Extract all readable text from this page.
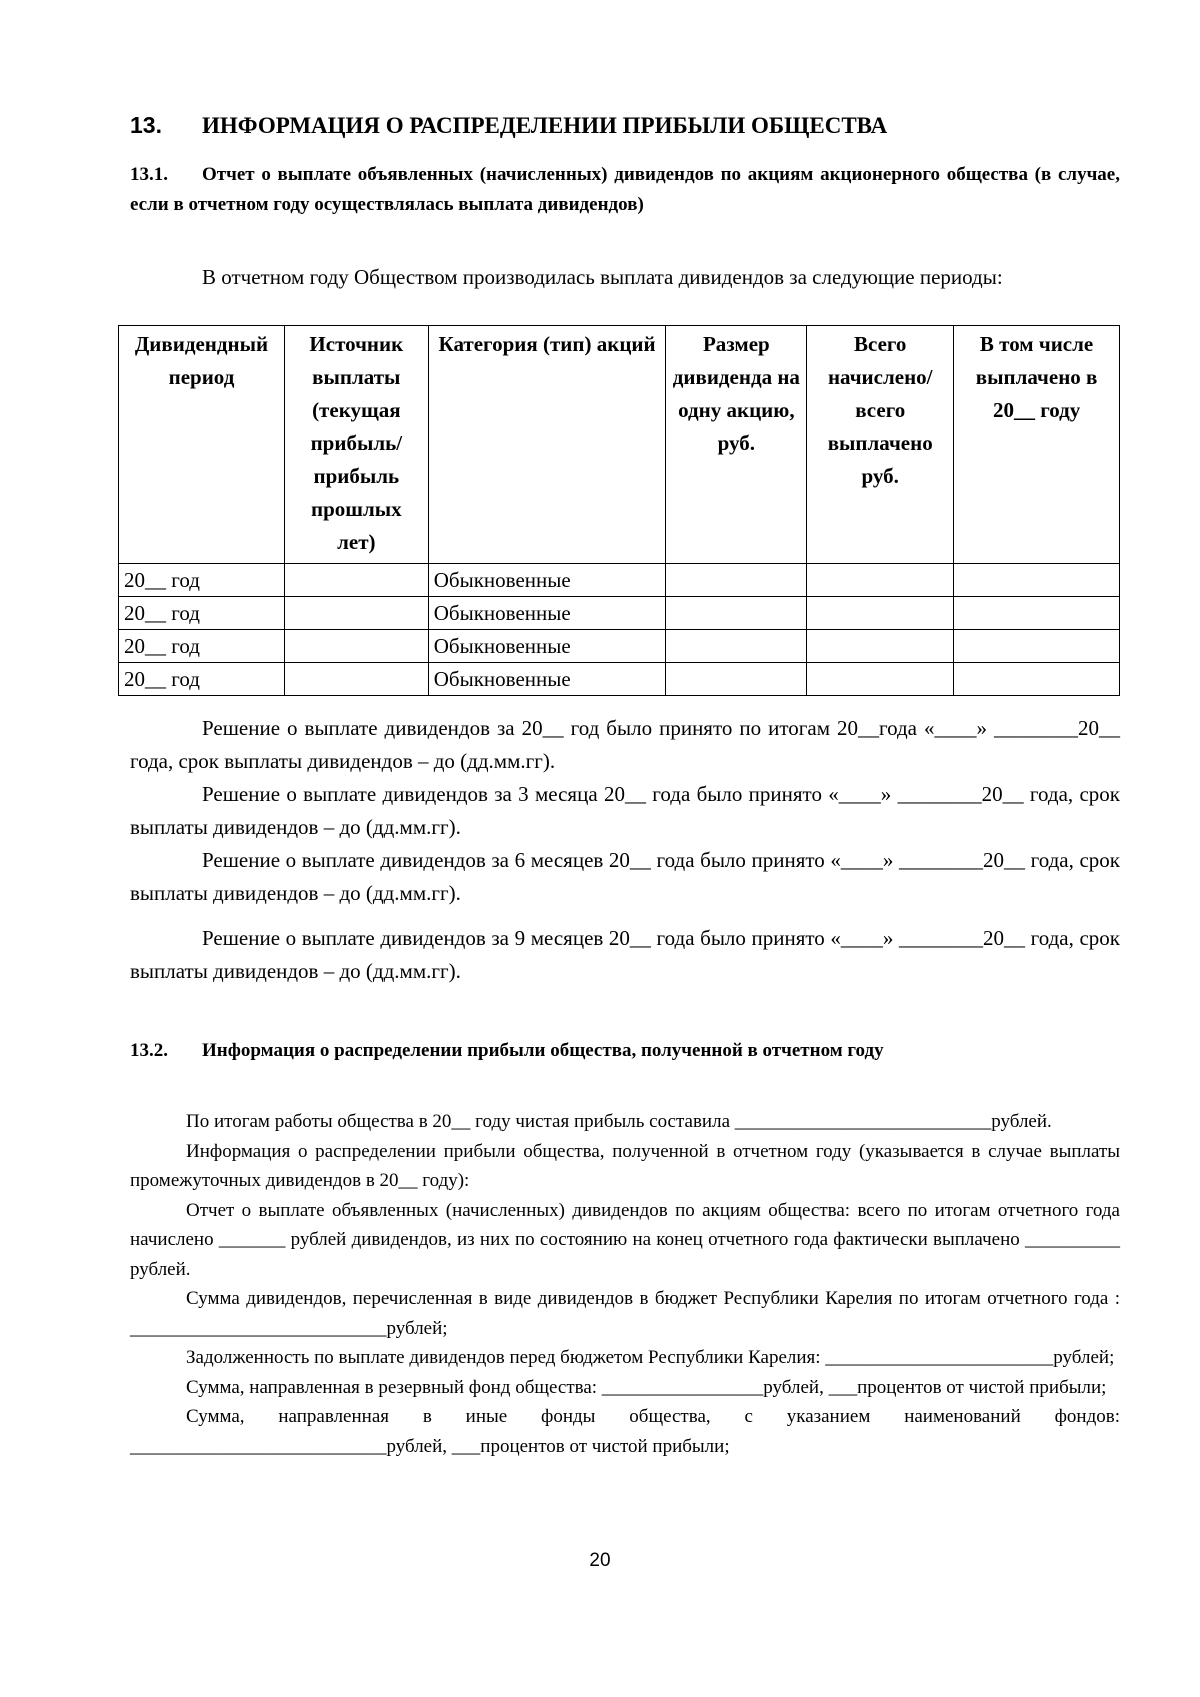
13. ИНФОРМАЦИЯ О РАСПРЕДЕЛЕНИИ ПРИБЫЛИ ОБЩЕСТВА
13.1. Отчет о выплате объявленных (начисленных) дивидендов по акциям акционерного общества (в случае, если в отчетном году осуществлялась выплата дивидендов)
В отчетном году Обществом производилась выплата дивидендов за следующие периоды:
Дивидендный период	Источник выплаты (текущая прибыль/ прибыль прошлых лет)	Категория (тип) акций	Размер дивиденда на одну акцию, руб.	Всего начислено/ всего выплачено руб.	В том числе выплачено в 20__ году
20__ год		Обыкновенные			
20__ год		Обыкновенные			
20__ год		Обыкновенные			
20__ год		Обыкновенные			

Решение о выплате дивидендов за 20__ год было принято по итогам 20__года «____» ________20__ года, срок выплаты дивидендов – до (дд.мм.гг).

Решение о выплате дивидендов за 3 месяца 20__ года было принято «____» ________20__ года, срок выплаты дивидендов – до (дд.мм.гг).

Решение о выплате дивидендов за 6 месяцев 20__ года было принято «____» ________20__ года, срок выплаты дивидендов – до (дд.мм.гг).

Решение о выплате дивидендов за 9 месяцев 20__ года было принято «____» ________20__ года, срок выплаты дивидендов – до (дд.мм.гг).

13.2. Информация о распределении прибыли общества, полученной в отчетном году

По итогам работы общества в 20__ году чистая прибыль составила ___________________________рублей.

Информация о распределении прибыли общества, полученной в отчетном году (указывается в случае выплаты промежуточных дивидендов в 20__ году):

Отчет о выплате объявленных (начисленных) дивидендов по акциям общества: всего по итогам отчетного года начислено _______ рублей дивидендов, из них по состоянию на конец отчетного года фактически выплачено __________ рублей.

Сумма дивидендов, перечисленная в виде дивидендов в бюджет Республики Карелия по итогам отчетного года : ___________________________рублей;

Задолженность по выплате дивидендов перед бюджетом Республики Карелия: ________________________рублей;

Сумма, направленная в резервный фонд общества: _________________рублей, ___процентов от чистой прибыли;

Сумма, направленная в иные фонды общества, с указанием наименований фондов: ___________________________рублей, ___процентов от чистой прибыли;

20
